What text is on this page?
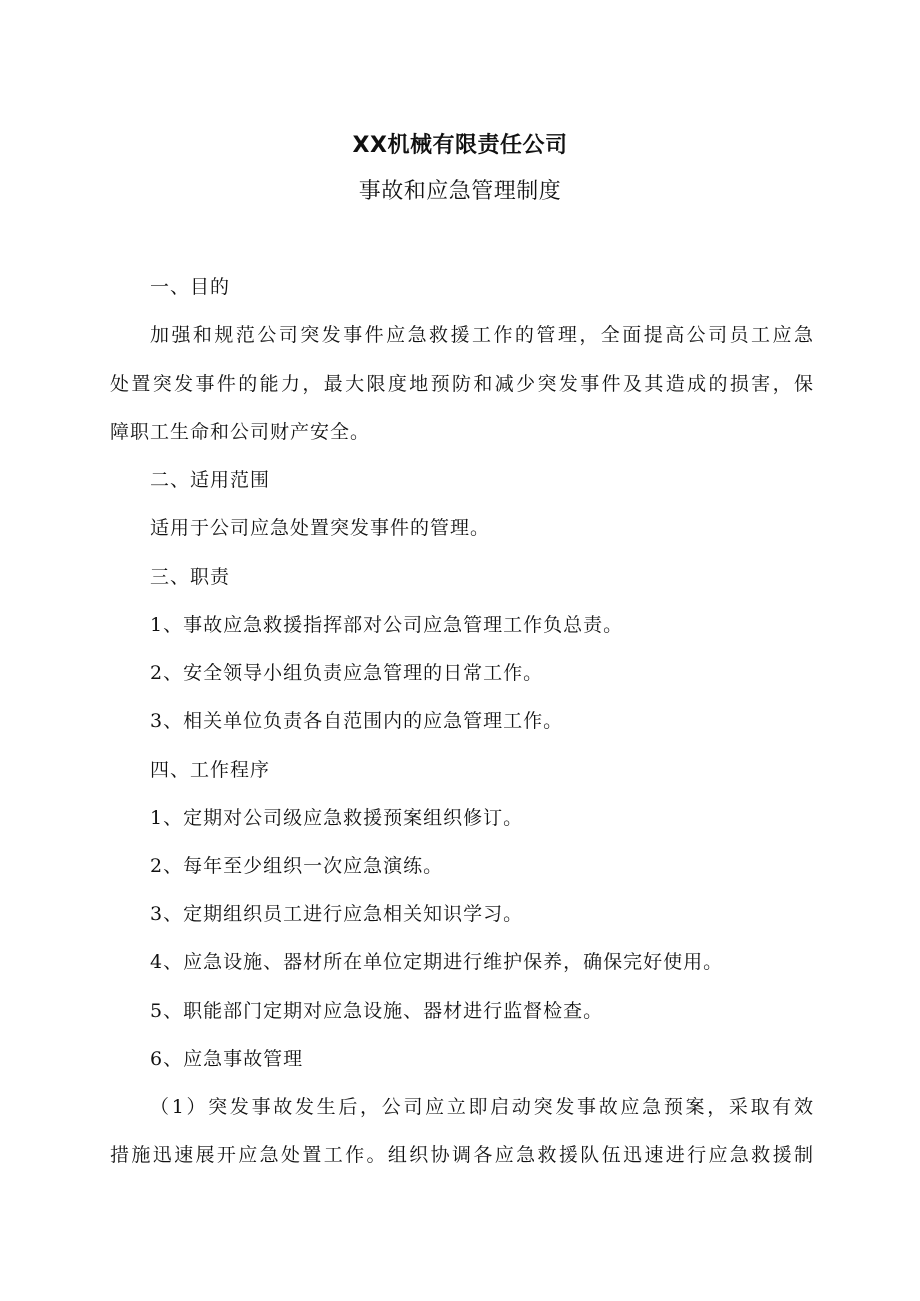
XX机械有限责任公司
事故和应急管理制度
一、目的
加强和规范公司突发事件应急救援工作的管理，全面提高公司员工应急
处置突发事件的能力，最大限度地预防和减少突发事件及其造成的损害，保
障职工生命和公司财产安全。
二、适用范围
适用于公司应急处置突发事件的管理。
三、职责
1、事故应急救援指挥部对公司应急管理工作负总责。
2、安全领导小组负责应急管理的日常工作。
3、相关单位负责各自范围内的应急管理工作。
四、工作程序
1、定期对公司级应急救援预案组织修订。
2、每年至少组织一次应急演练。
3、定期组织员工进行应急相关知识学习。
4、应急设施、器材所在单位定期进行维护保养，确保完好使用。
5、职能部门定期对应急设施、器材进行监督检查。
6、应急事故管理
（1）突发事故发生后，公司应立即启动突发事故应急预案，采取有效
措施迅速展开应急处置工作。组织协调各应急救援队伍迅速进行应急救援制
